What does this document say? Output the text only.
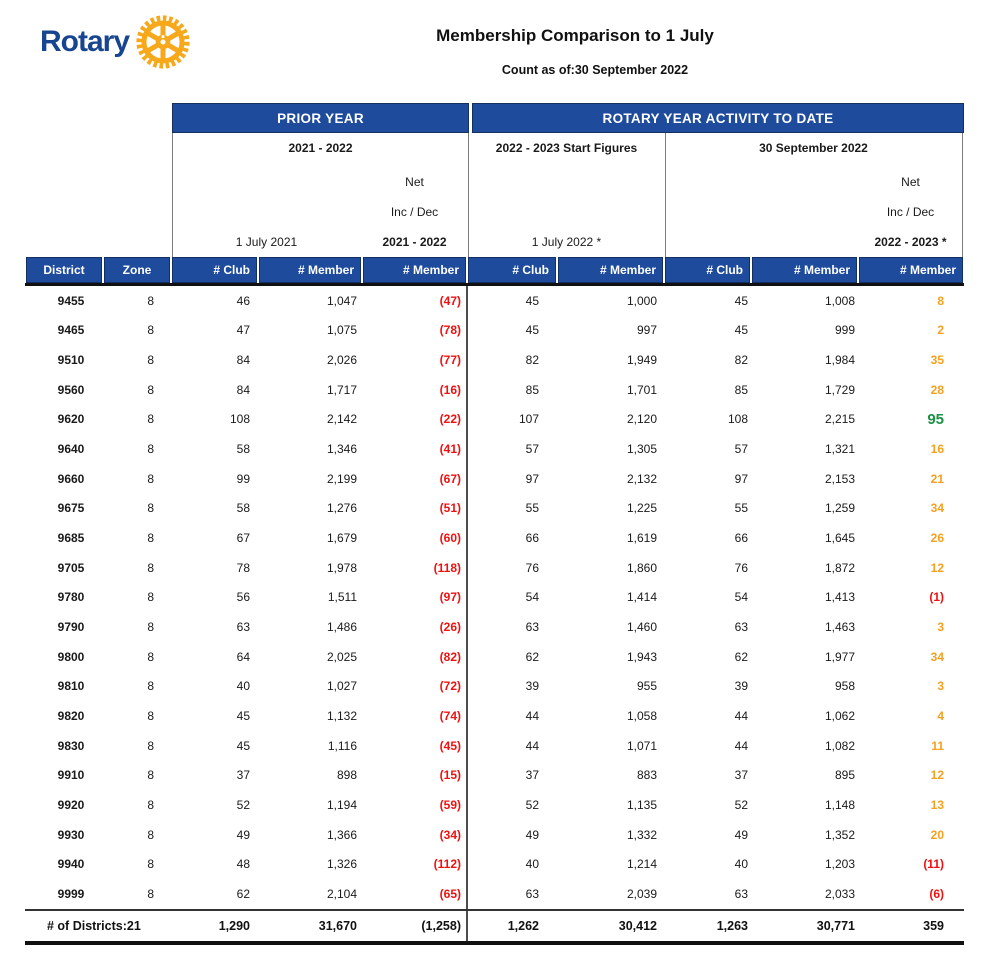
Rotary	Membership Comparison to 1 July
Count as of:30 September 2022
PRIOR YEAR	ROTARY YEAR ACTIVITY TO DATE
2021 - 2022	2022 - 2023 Start Figures	30 September 2022
Net
Inc / Dec
Net
Inc / Dec
1 July 2021	2021 - 2022	1 July 2022 *	2022 - 2023 *
District	Zone	# Club	# Member	# Member	# Club	# Member	# Club	# Member	# Member
9455	8	46	1,047	(47)	45	1,000	45	1,008	8
9465	8	47	1,075	(78)	45	997	45	999	2
9510	8	84	2,026	(77)	82	1,949	82	1,984	35
9560	8	84	1,717	(16)	85	1,701	85	1,729	28
9620	8	108	2,142	(22)	107	2,120	108	2,215	95
9640	8	58	1,346	(41)	57	1,305	57	1,321	16
9660	8	99	2,199	(67)	97	2,132	97	2,153	21
9675	8	58	1,276	(51)	55	1,225	55	1,259	34
9685	8	67	1,679	(60)	66	1,619	66	1,645	26
9705	8	78	1,978	(118)	76	1,860	76	1,872	12
9780	8	56	1,511	(97)	54	1,414	54	1,413	(1)
9790	8	63	1,486	(26)	63	1,460	63	1,463	3
9800	8	64	2,025	(82)	62	1,943	62	1,977	34
9810	8	40	1,027	(72)	39	955	39	958	3
9820	8	45	1,132	(74)	44	1,058	44	1,062	4
9830	8	45	1,116	(45)	44	1,071	44	1,082	11
9910	8	37	898	(15)	37	883	37	895	12
9920	8	52	1,194	(59)	52	1,135	52	1,148	13
9930	8	49	1,366	(34)	49	1,332	49	1,352	20
9940	8	48	1,326	(112)	40	1,214	40	1,203	(11)
9999	8	62	2,104	(65)	63	2,039	63	2,033	(6)
# of Districts:21	1,290	31,670	(1,258)	1,262	30,412	1,263	30,771	359
